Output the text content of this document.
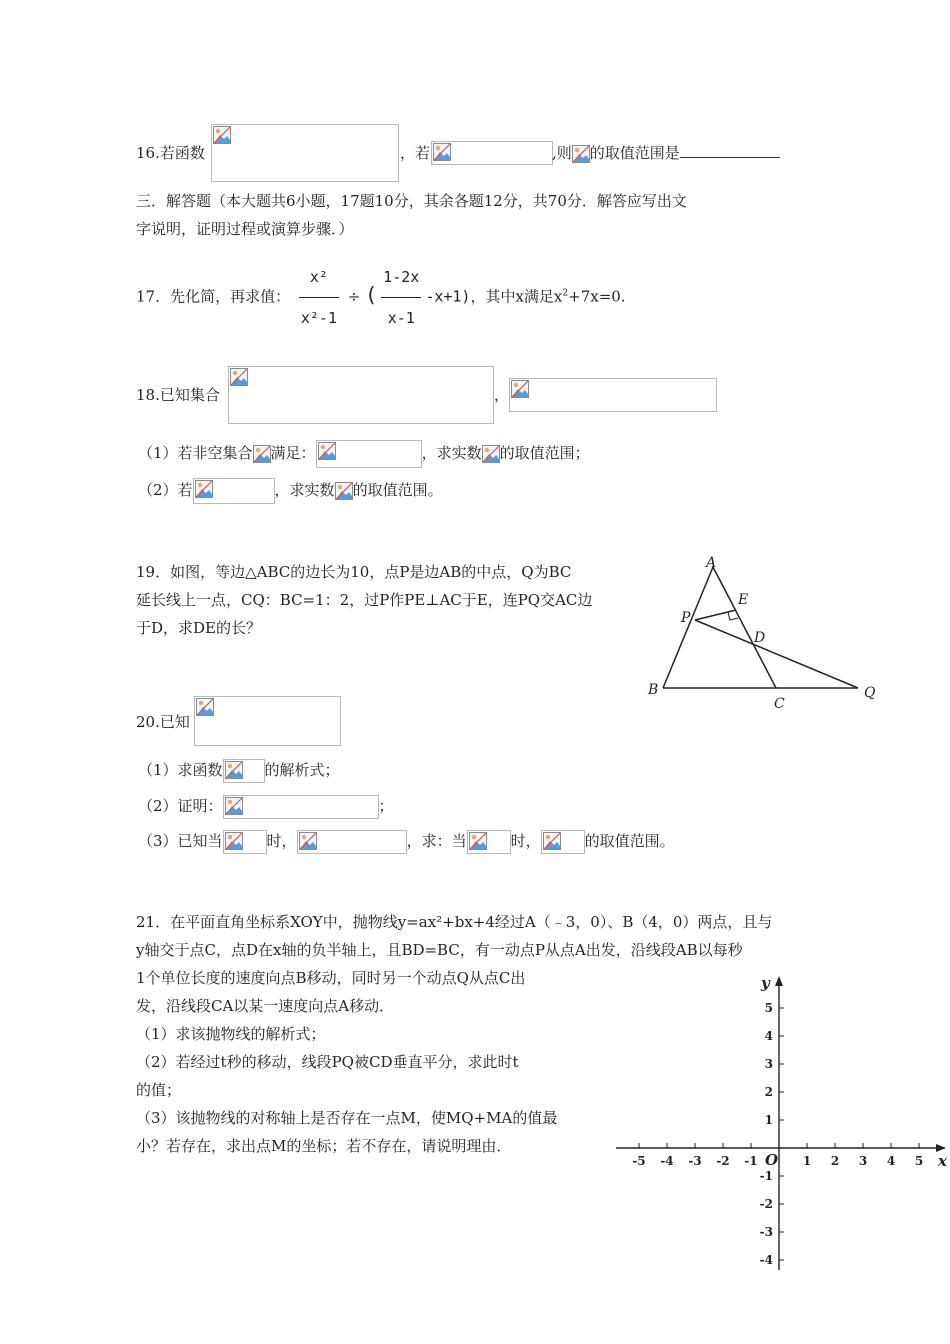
16.若函数	，若	,则 的取值范围是
三．解答题（本大题共6小题，17题10分，其余各题12分，共70分．解答应写出文
字说明，证明过程或演算步骤．）
17．先化简，再求值： $\frac{\text{x²}}{\text{x²-1}}$ ÷ ( $\frac{1-2x}{x-1} -x+1$)，其中x满足$x^2+7x=0$.
18.已知集合	，
（1）若非空集合 满足：	，求实数 的取值范围；
（2）若	，求实数 的取值范围。
19．如图，等边△ABC的边长为10，点P是边AB的中点，Q为BC
延长线上一点，CQ：BC=1：2，过P作PE⊥AC于E，连PQ交AC边
于D，求DE的长？
A
E
P
D
B
C
Q
20.已知
（1）求函数	的解析式；
（2）证明：	；
（3）已知当	时，	，求：当	时，	的取值范围。
21．在平面直角坐标系XOY中，抛物线y=ax²+bx+4经过A（﹣3，0）、B（4，0）两点，且与
y轴交于点C，点D在x轴的负半轴上，且BD=BC，有一动点P从点A出发，沿线段AB以每秒
1个单位长度的速度向点B移动，同时另一个动点Q从点C出
发，沿线段CA以某一速度向点A移动．
（1）求该抛物线的解析式；
（2）若经过t秒的移动，线段PQ被CD垂直平分，求此时t
的值；
（3）该抛物线的对称轴上是否存在一点M，使MQ+MA的值最
小？若存在，求出点M的坐标；若不存在，请说明理由．
-5 -4 -3 -2 -1	1 2 3 4 5
5
4
3
2
1
-1
-2
-3
-4
x
y
O
